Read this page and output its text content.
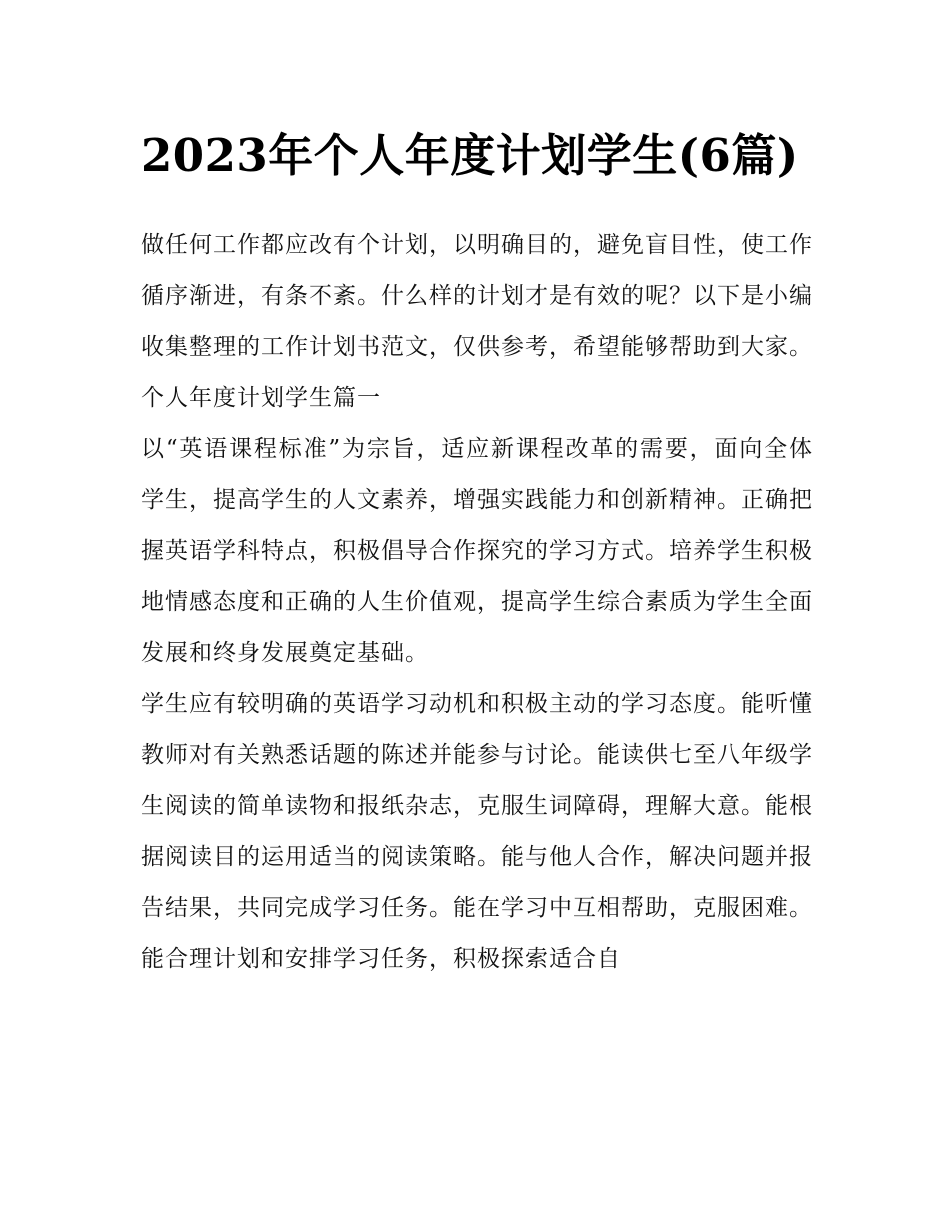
2023年个人年度计划学生(6篇)

做任何工作都应改有个计划，以明确目的，避免盲目性，使工作循序渐进，有条不紊。什么样的计划才是有效的呢？以下是小编收集整理的工作计划书范文，仅供参考，希望能够帮助到大家。

个人年度计划学生篇一

以“英语课程标准”为宗旨，适应新课程改革的需要，面向全体学生，提高学生的人文素养，增强实践能力和创新精神。正确把握英语学科特点，积极倡导合作探究的学习方式。培养学生积极地情感态度和正确的人生价值观，提高学生综合素质为学生全面发展和终身发展奠定基础。

学生应有较明确的英语学习动机和积极主动的学习态度。能听懂教师对有关熟悉话题的陈述并能参与讨论。能读供七至八年级学生阅读的简单读物和报纸杂志，克服生词障碍，理解大意。能根据阅读目的运用适当的阅读策略。能与他人合作，解决问题并报告结果，共同完成学习任务。能在学习中互相帮助，克服困难。能合理计划和安排学习任务，积极探索适合自
